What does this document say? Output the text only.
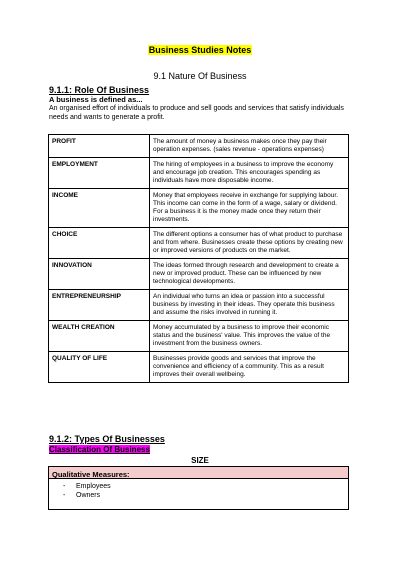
Business Studies Notes
9.1 Nature Of Business
9.1.1: Role Of Business
A business is defined as...
An organised effort of individuals to produce and sell goods and services that satisfy individuals needs and wants to generate a profit.
PROFIT	The amount of money a business makes once they pay their operation expenses. (sales revenue - operations expenses)
EMPLOYMENT	The hiring of employees in a business to improve the economy and encourage job creation. This encourages spending as individuals have more disposable income.
INCOME	Money that employees receive in exchange for supplying labour. This income can come in the form of a wage, salary or dividend. For a business it is the money made once they return their investments.
CHOICE	The different options a consumer has of what product to purchase and from where. Businesses create these options by creating new or improved versions of products on the market.
INNOVATION	The ideas formed through research and development to create a new or improved product. These can be influenced by new technological developments.
ENTREPRENEURSHIP	An individual who turns an idea or passion into a successful business by investing in their ideas. They operate this business and assume the risks involved in running it.
WEALTH CREATION	Money accumulated by a business to improve their economic status and the business' value. This improves the value of the investment from the business owners.
QUALITY OF LIFE	Businesses provide goods and services that improve the convenience and efficiency of a community. This as a result improves their overall wellbeing.
9.1.2: Types Of Businesses
Classification Of Business
SIZE
Qualitative Measures:
- Employees
- Owners
